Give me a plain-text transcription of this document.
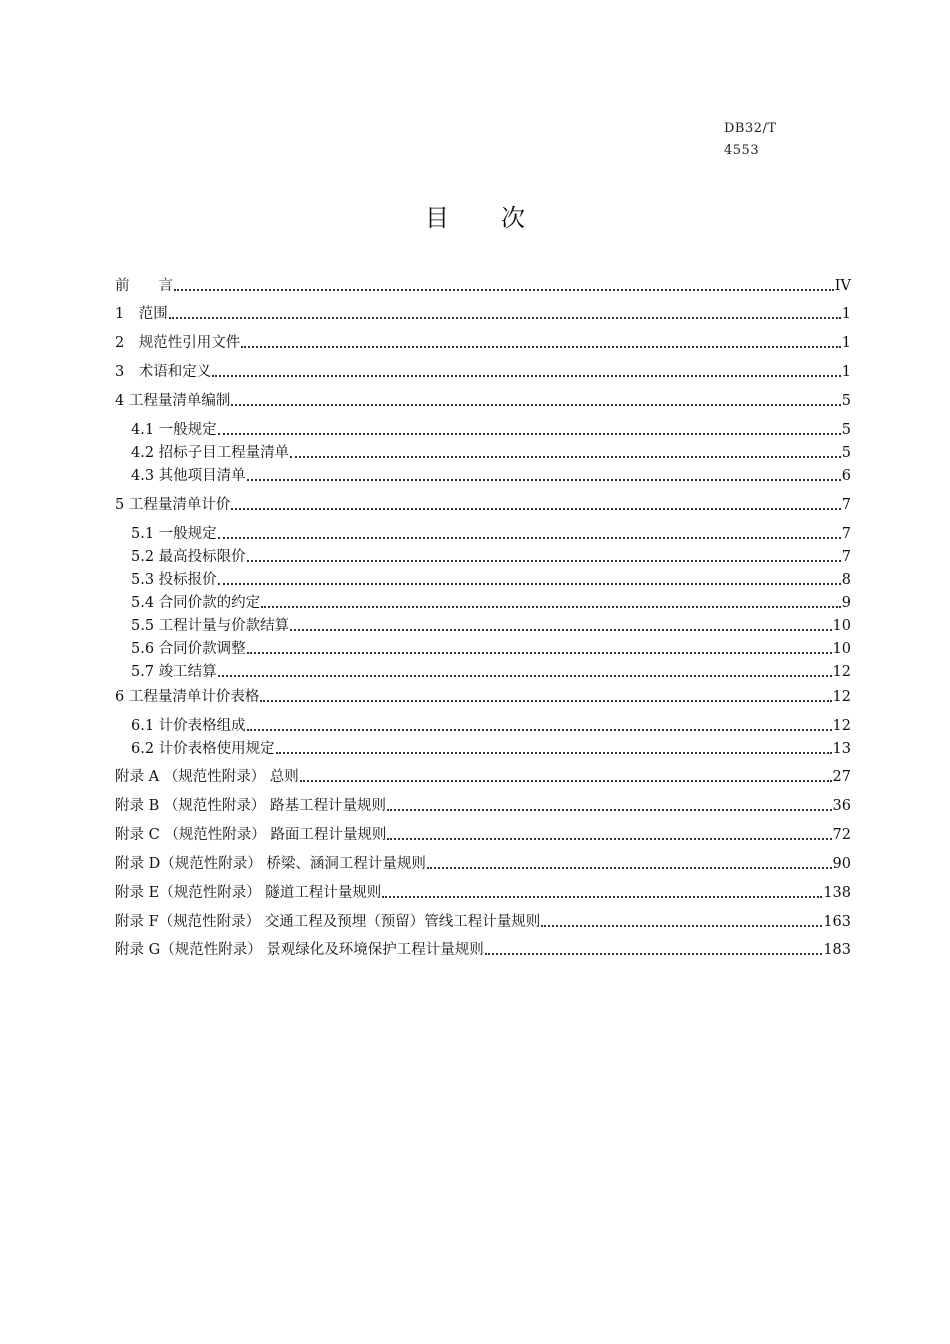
DB32/T 4553
目次
前　　言	IV
1　范围	1
2　规范性引用文件	1
3　术语和定义	1
4 工程量清单编制	5
4.1 一般规定	5
4.2 招标子目工程量清单	5
4.3 其他项目清单	6
5 工程量清单计价	7
5.1 一般规定	7
5.2 最高投标限价	7
5.3 投标报价	8
5.4 合同价款的约定	9
5.5 工程计量与价款结算	10
5.6 合同价款调整	10
5.7 竣工结算	12
6 工程量清单计价表格	12
6.1 计价表格组成	12
6.2 计价表格使用规定	13
附录 A （规范性附录） 总则	27
附录 B （规范性附录） 路基工程计量规则	36
附录 C （规范性附录） 路面工程计量规则	72
附录 D（规范性附录） 桥梁、涵洞工程计量规则	90
附录 E（规范性附录） 隧道工程计量规则	138
附录 F（规范性附录） 交通工程及预埋（预留）管线工程计量规则	163
附录 G（规范性附录） 景观绿化及环境保护工程计量规则	183
